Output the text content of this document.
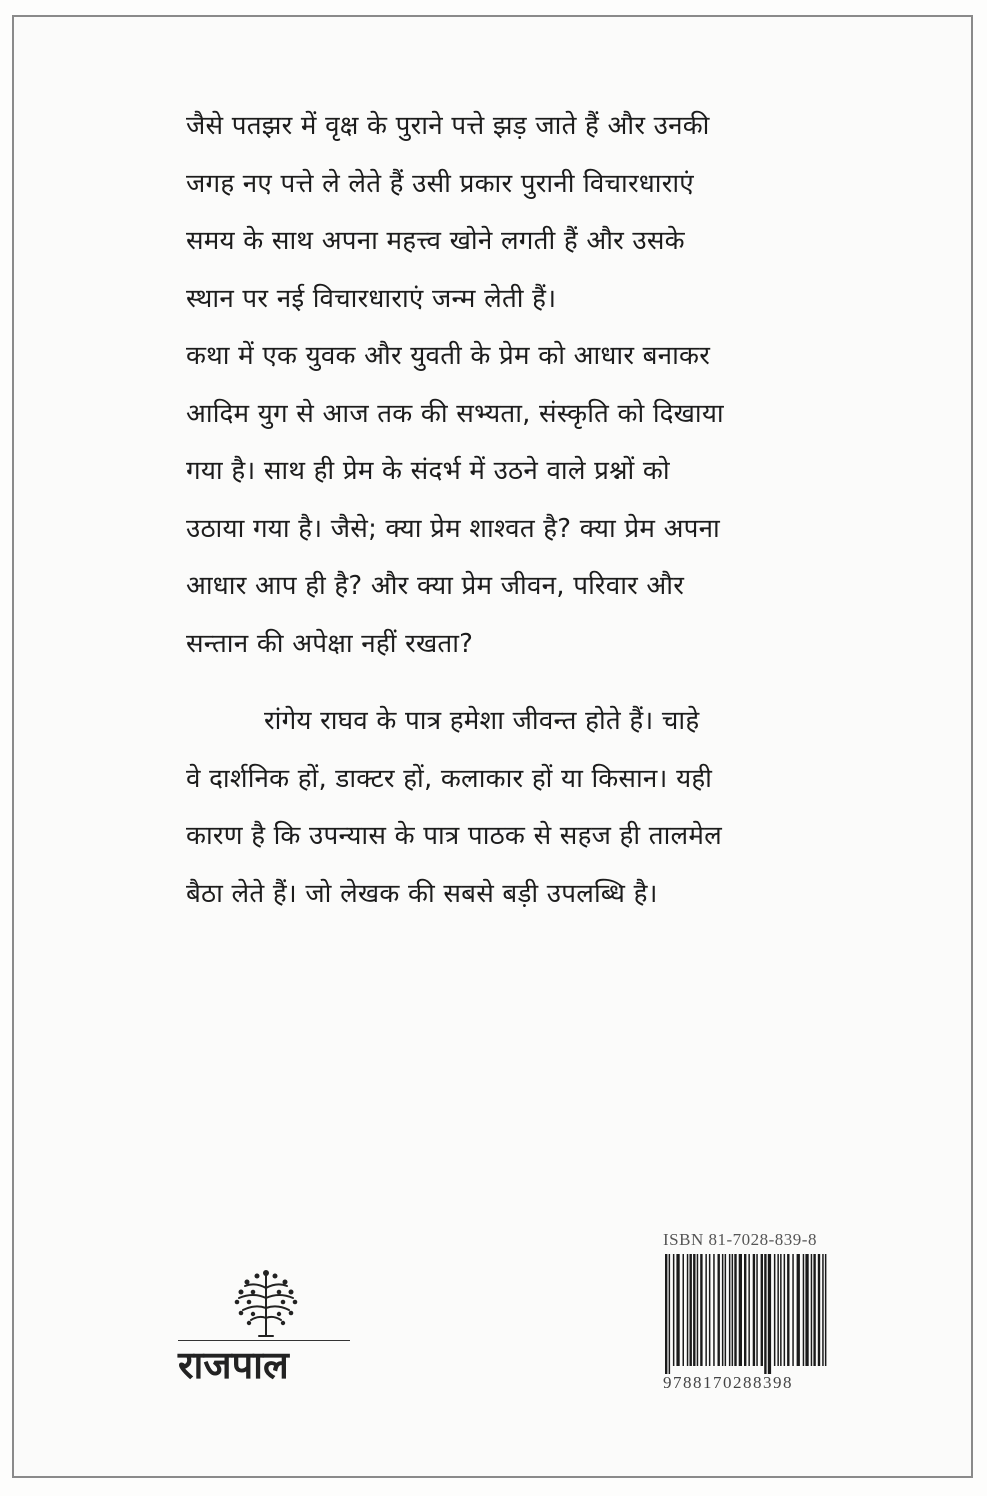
जैसे पतझर में वृक्ष के पुराने पत्ते झड़ जाते हैं और उनकी
जगह नए पत्ते ले लेते हैं उसी प्रकार पुरानी विचारधाराएं
समय के साथ अपना महत्त्व खोने लगती हैं और उसके
स्थान पर नई विचारधाराएं जन्म लेती हैं।
कथा में एक युवक और युवती के प्रेम को आधार बनाकर
आदिम युग से आज तक की सभ्यता, संस्कृति को दिखाया
गया है। साथ ही प्रेम के संदर्भ में उठने वाले प्रश्नों को
उठाया गया है। जैसे; क्या प्रेम शाश्वत है? क्या प्रेम अपना
आधार आप ही है? और क्या प्रेम जीवन, परिवार और
सन्तान की अपेक्षा नहीं रखता?
रांगेय राघव के पात्र हमेशा जीवन्त होते हैं। चाहे
वे दार्शनिक हों, डाक्टर हों, कलाकार हों या किसान। यही
कारण है कि उपन्यास के पात्र पाठक से सहज ही तालमेल
बैठा लेते हैं। जो लेखक की सबसे बड़ी उपलब्धि है।
राजपाल
ISBN 81-7028-839-8
9788170288398
